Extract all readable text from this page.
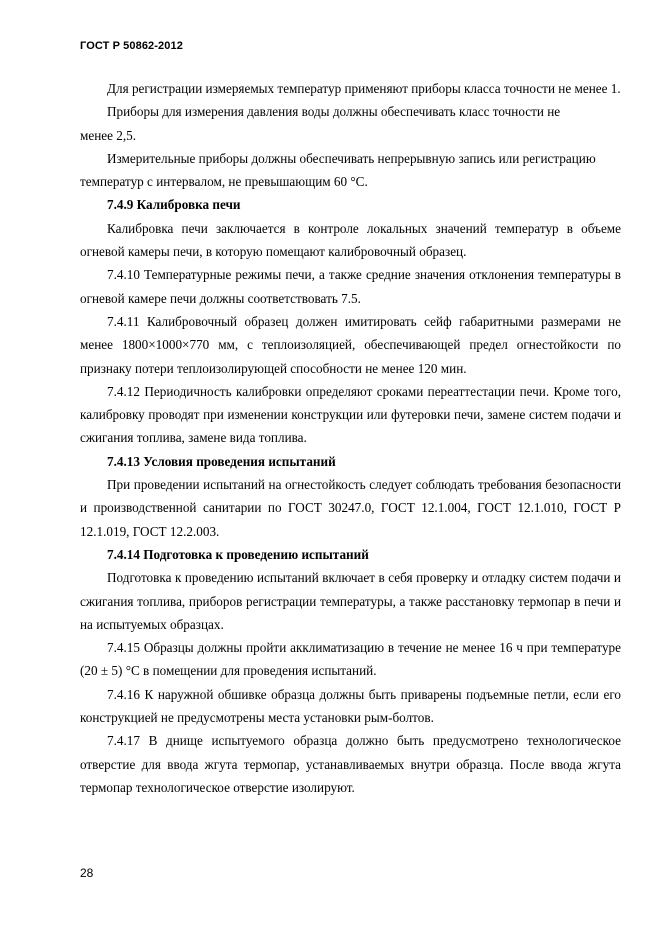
ГОСТ Р 50862-2012

Для регистрации измеряемых температур применяют приборы класса точности не менее 1.

Приборы для измерения давления воды должны обеспечивать класс точности не

менее 2,5.

Измерительные приборы должны обеспечивать непрерывную запись или регистрацию температур с интервалом, не превышающим 60 °С.

7.4.9 Калибровка печи

Калибровка печи заключается в контроле локальных значений температур в объеме огневой камеры печи, в которую помещают калибровочный образец.

7.4.10 Температурные режимы печи, а также средние значения отклонения температуры в огневой камере печи должны соответствовать 7.5.

7.4.11 Калибровочный образец должен имитировать сейф габаритными размерами не менее 1800×1000×770 мм, с теплоизоляцией, обеспечивающей предел огнестойкости по признаку потери теплоизолирующей способности не менее 120 мин.

7.4.12 Периодичность калибровки определяют сроками переаттестации печи. Кроме того, калибровку проводят при изменении конструкции или футеровки печи, замене систем подачи и сжигания топлива, замене вида топлива.

7.4.13 Условия проведения испытаний

При проведении испытаний на огнестойкость следует соблюдать требования безопасности и производственной санитарии по ГОСТ 30247.0, ГОСТ 12.1.004, ГОСТ 12.1.010, ГОСТ Р 12.1.019, ГОСТ 12.2.003.

7.4.14 Подготовка к проведению испытаний

Подготовка к проведению испытаний включает в себя проверку и отладку систем подачи и сжигания топлива, приборов регистрации температуры, а также расстановку термопар в печи и на испытуемых образцах.

7.4.15 Образцы должны пройти акклиматизацию в течение не менее 16 ч при температуре (20 ± 5) °С в помещении для проведения испытаний.

7.4.16 К наружной обшивке образца должны быть приварены подъемные петли, если его конструкцией не предусмотрены места установки рым-болтов.

7.4.17 В днище испытуемого образца должно быть предусмотрено технологическое отверстие для ввода жгута термопар, устанавливаемых внутри образца. После ввода жгута термопар технологическое отверстие изолируют.

28
